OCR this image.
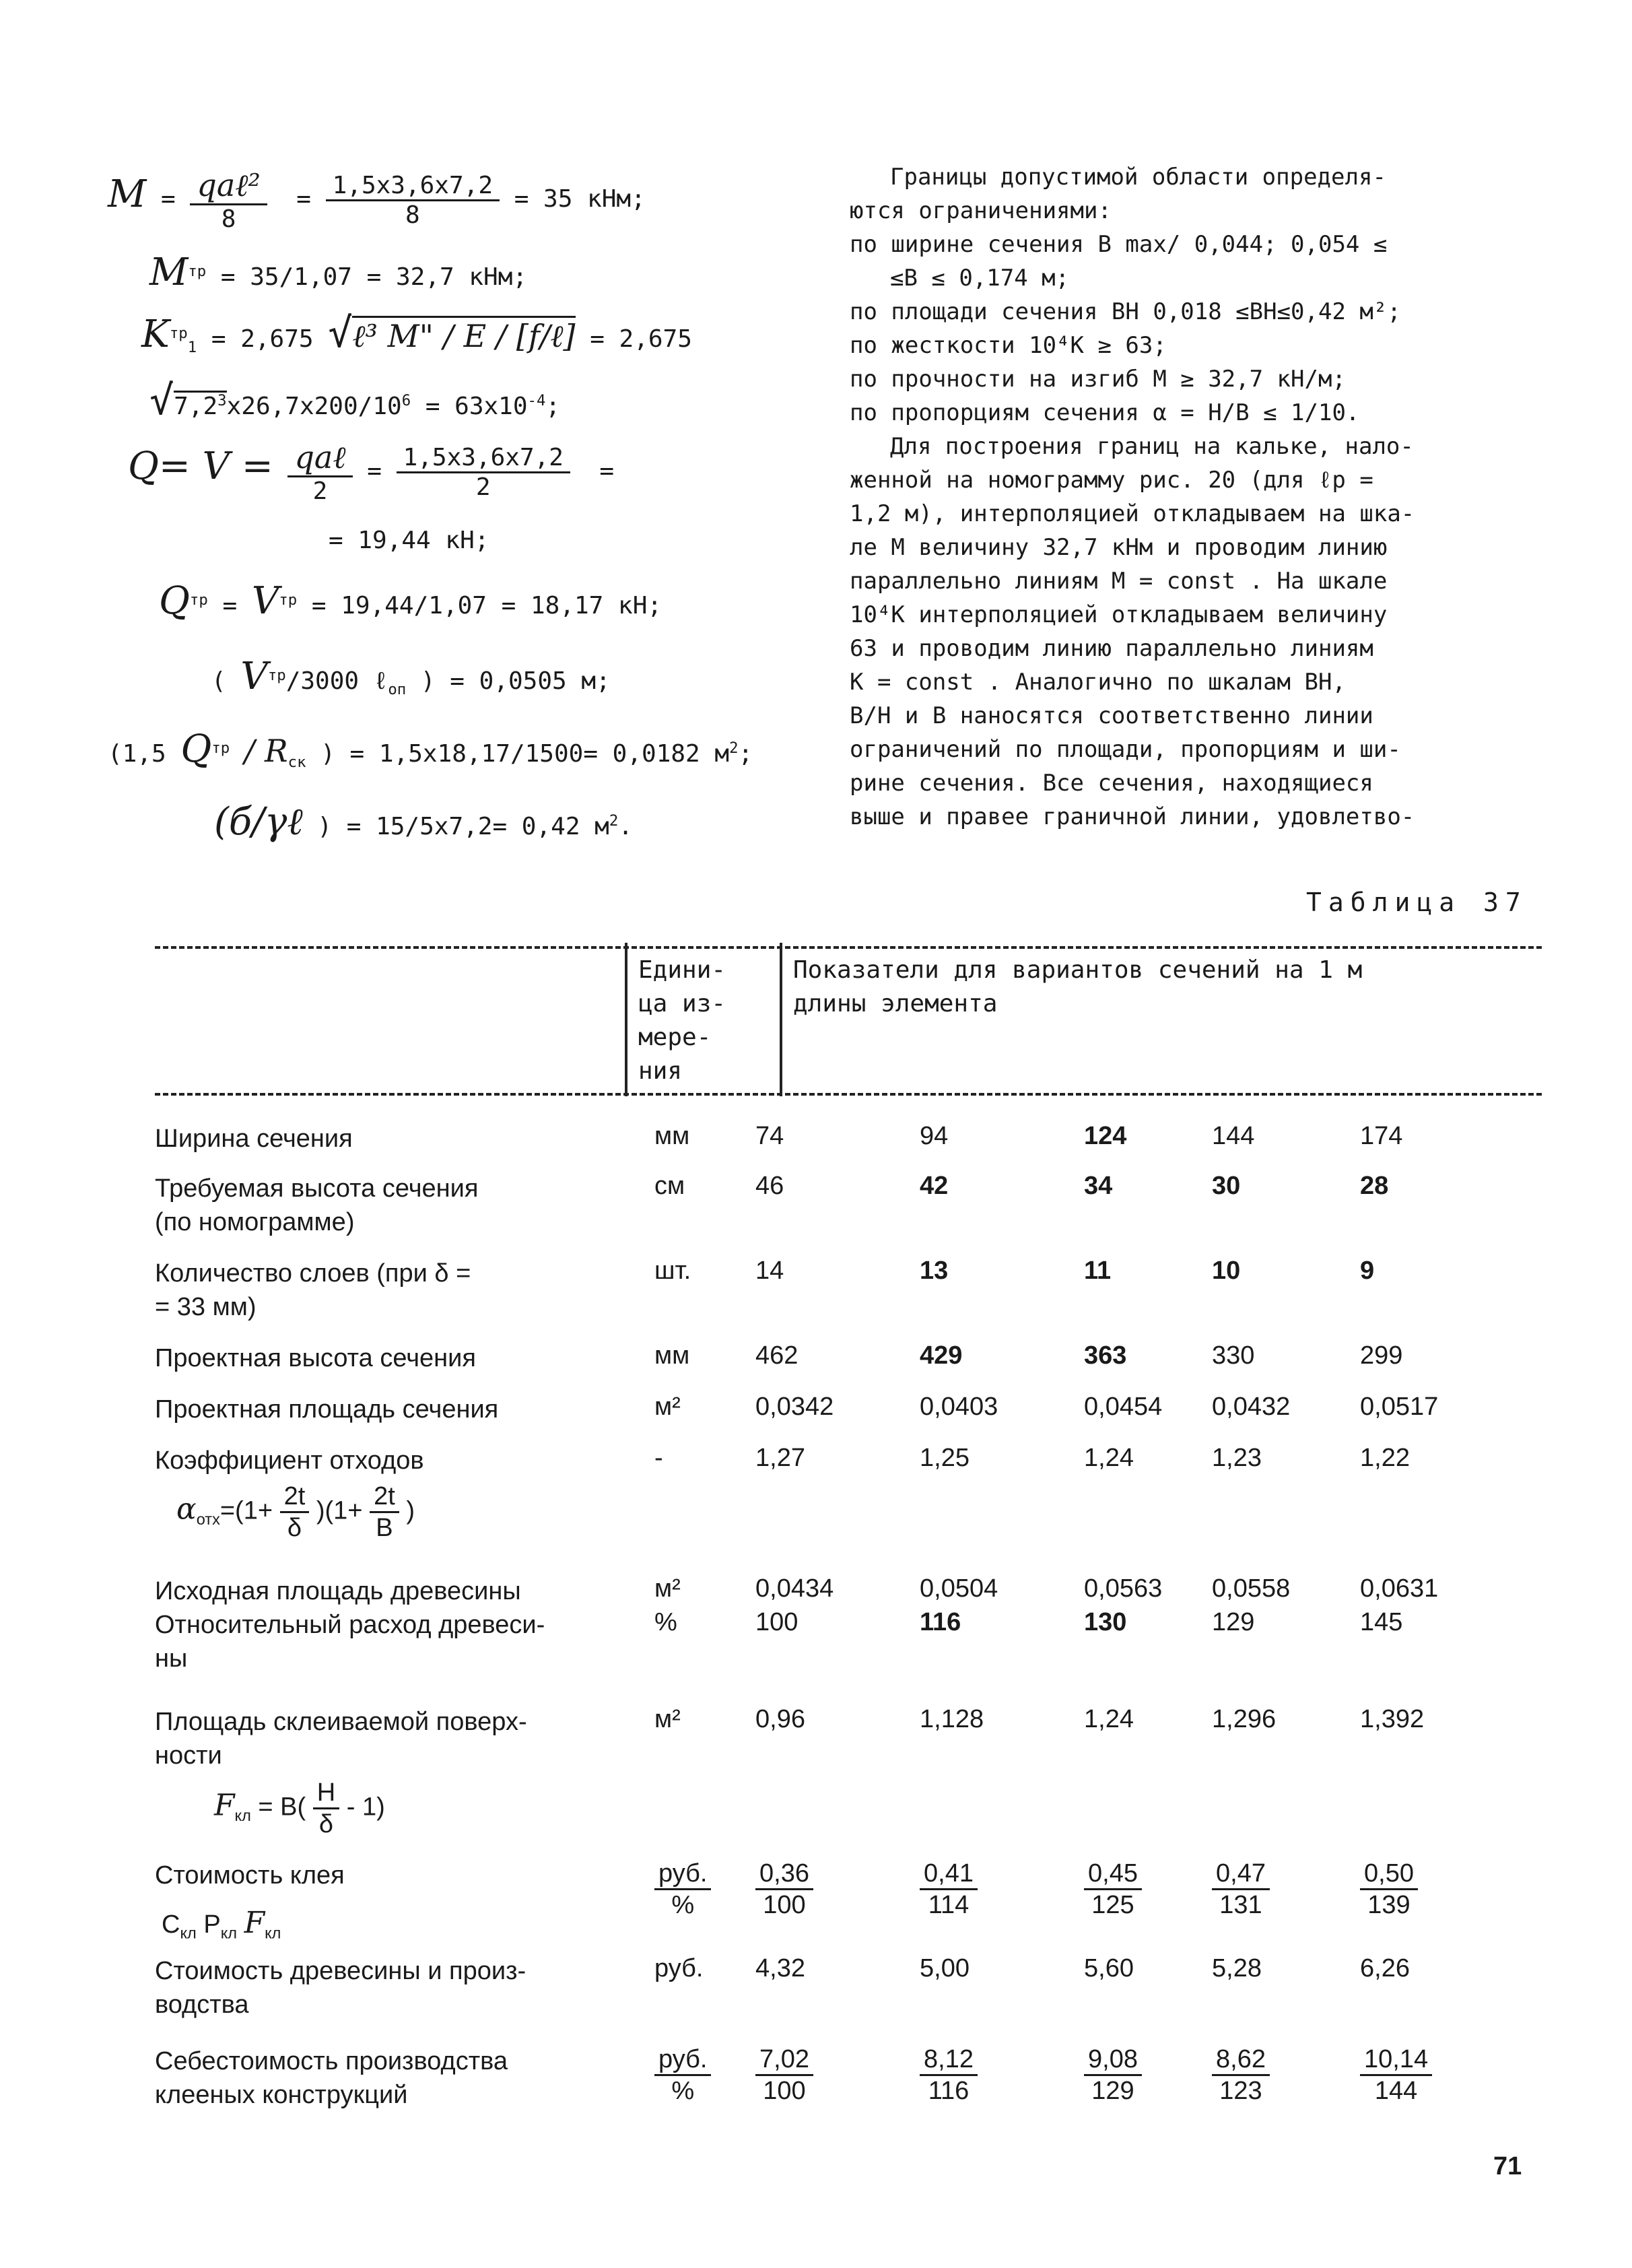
$M = \frac{\text{qaℓ²}}{8} = \frac{1,5x3,6x7,2}{8} = 35$ кНм;
$M^{тр} = 35/1,07 = 32,7$ кНм;
$K^{тр}_1 = 2,675$ √ℓ³ M" / E / [f/ℓ] = 2,675
$√7,2^3x26,7x200/10^6 = 63x10^{-4}$;
$Q= V = \frac{\text{qaℓ}}{2} = \frac{1,5x3,6x7,2}{2}$ =
= 19,44 кН;
$Q^{тр} = V^{тр} = 19,44/1,07 = 18,17$ кН;
( $V^{тр}/3000$ ℓ$_{оп}$ ) = 0,0505 м;
(1,5 $Q^{тр} / R_{ск}$ ) = 1,5x18,17/1500= 0,0182 $м^2$;
(б/γℓ ) = 15/5x7,2= 0,42 $м^2$.
Границы допустимой области определя-
ются ограничениями:
по ширине сечения B max/ 0,044; 0,054 ≤
≤B ≤ 0,174 м;
по площади сечения ВН 0,018 ≤ВН≤0,42 м²;
по жесткости 10⁴К ≥ 63;
по прочности на изгиб М ≥ 32,7 кН/м;
по пропорциям сечения α = H/B ≤ 1/10.
Для построения границ на кальке, нало-
женной на номограмму рис. 20 (для ℓр =
1,2 м), интерполяцией откладываем на шка-
ле М величину 32,7 кНм и проводим линию
параллельно линиям М = const . На шкале
10⁴К интерполяцией откладываем величину
63 и проводим линию параллельно линиям
K = const . Аналогично по шкалам ВН,
В/Н и В наносятся соответственно линии
ограничений по площади, пропорциям и ши-
рине сечения. Все сечения, находящиеся
выше и правее граничной линии, удовлетво-
Таблица 37
Едини-
ца из-
мере-
ния
Показатели для вариантов сечений на 1 м
длины элемента
Ширина сечения	мм	74	94	124	144	174
Требуемая высота сечения
(по номограмме)
см	46	42	34	30	28
Количество слоев (при δ =
= 33 мм)
шт.	14	13	11	10	9
Проектная высота сечения	мм	462	429	363	330	299
Проектная площадь сечения	м²	0,0342	0,0403	0,0454 0,0432	0,0517
Коэффициент отходов	-	1,27	1,25	1,24	1,23	1,22
Исходная площадь древесины	м²	0,0434	0,0504	0,0563 0,0558	0,0631
Относительный расход древеси-
ны
%	100	116	130	129	145
Площадь склеиваемой поверх-
ности
м²	0,96	1,128	1,24	1,296	1,392
Стоимость клея	руб.
%	$\frac{0,36}{100}$	$\frac{0,41}{114}$	$\frac{0,45}{125}$	$\frac{0,47}{131}$	$\frac{0,50}{139}$
Стоимость древесины и произ-
водства
руб. 4,32	5,00	5,60	5,28	6,26
Себестоимость производства
клееных конструкций
руб.
%	$\frac{7,02}{100}$	$\frac{8,12}{116}$	$\frac{9,08}{129}$	$\frac{8,62}{123}$	$\frac{10,14}{144}$
$\alpha_{отх}=(1+ \frac{2t}{\delta} )(1+ \frac{2t}{B}$ )
$F_{кл} = B( \frac{H}{\delta} - 1)$
$C_{кл}$ $P_{кл}$ $F_{кл}$
71
